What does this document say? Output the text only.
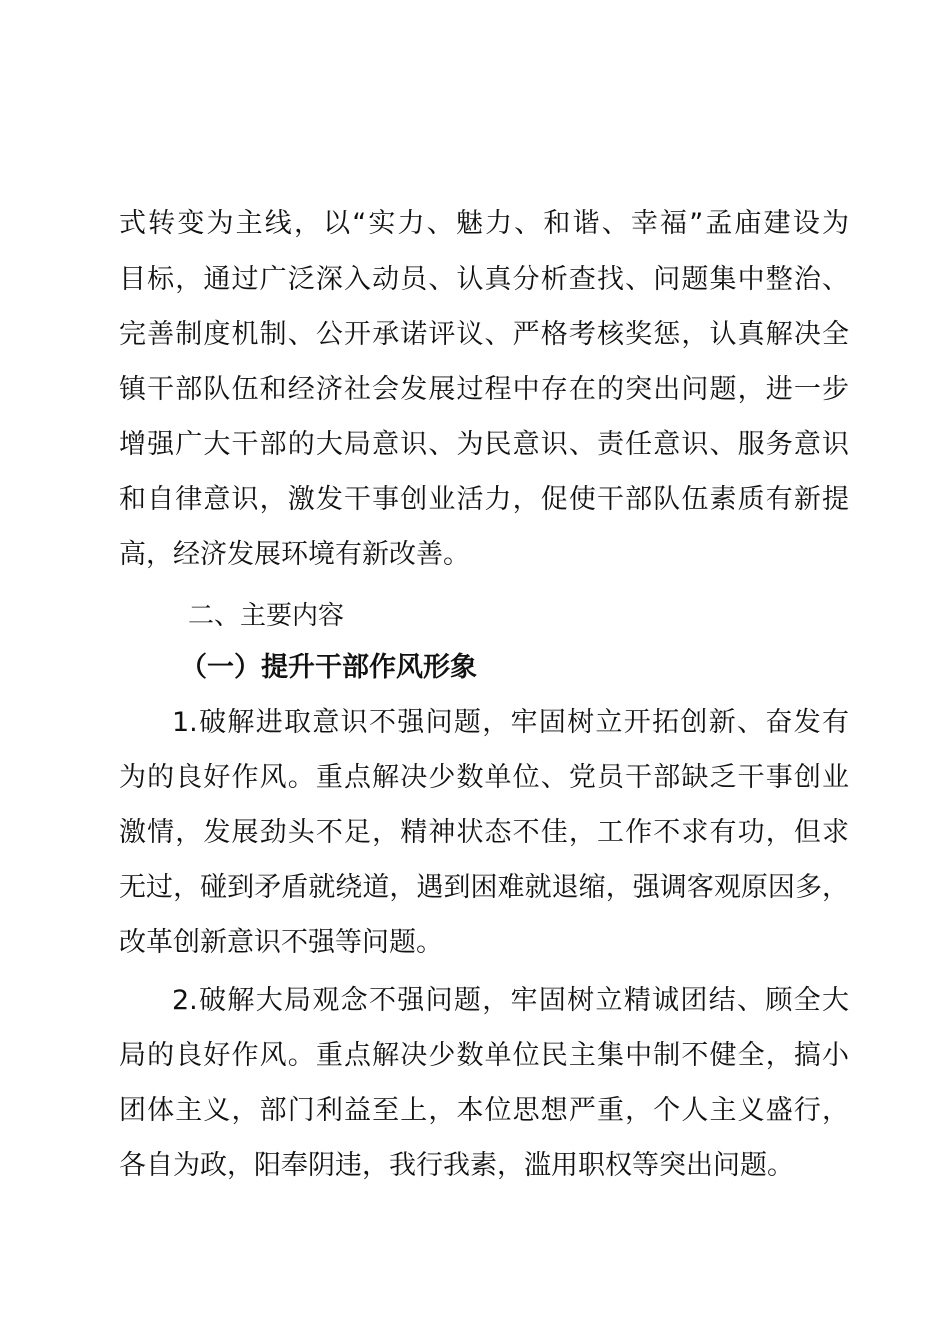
式转变为主线，以“实力、魅力、和谐、幸福”孟庙建设为
目标，通过广泛深入动员、认真分析查找、问题集中整治、
完善制度机制、公开承诺评议、严格考核奖惩，认真解决全
镇干部队伍和经济社会发展过程中存在的突出问题，进一步
增强广大干部的大局意识、为民意识、责任意识、服务意识
和自律意识，激发干事创业活力，促使干部队伍素质有新提
高，经济发展环境有新改善。
二、主要内容
（一）提升干部作风形象
1.破解进取意识不强问题，牢固树立开拓创新、奋发有
为的良好作风。重点解决少数单位、党员干部缺乏干事创业
激情，发展劲头不足，精神状态不佳，工作不求有功，但求
无过，碰到矛盾就绕道，遇到困难就退缩，强调客观原因多，
改革创新意识不强等问题。
2.破解大局观念不强问题，牢固树立精诚团结、顾全大
局的良好作风。重点解决少数单位民主集中制不健全，搞小
团体主义，部门利益至上，本位思想严重，个人主义盛行，
各自为政，阳奉阴违，我行我素，滥用职权等突出问题。
